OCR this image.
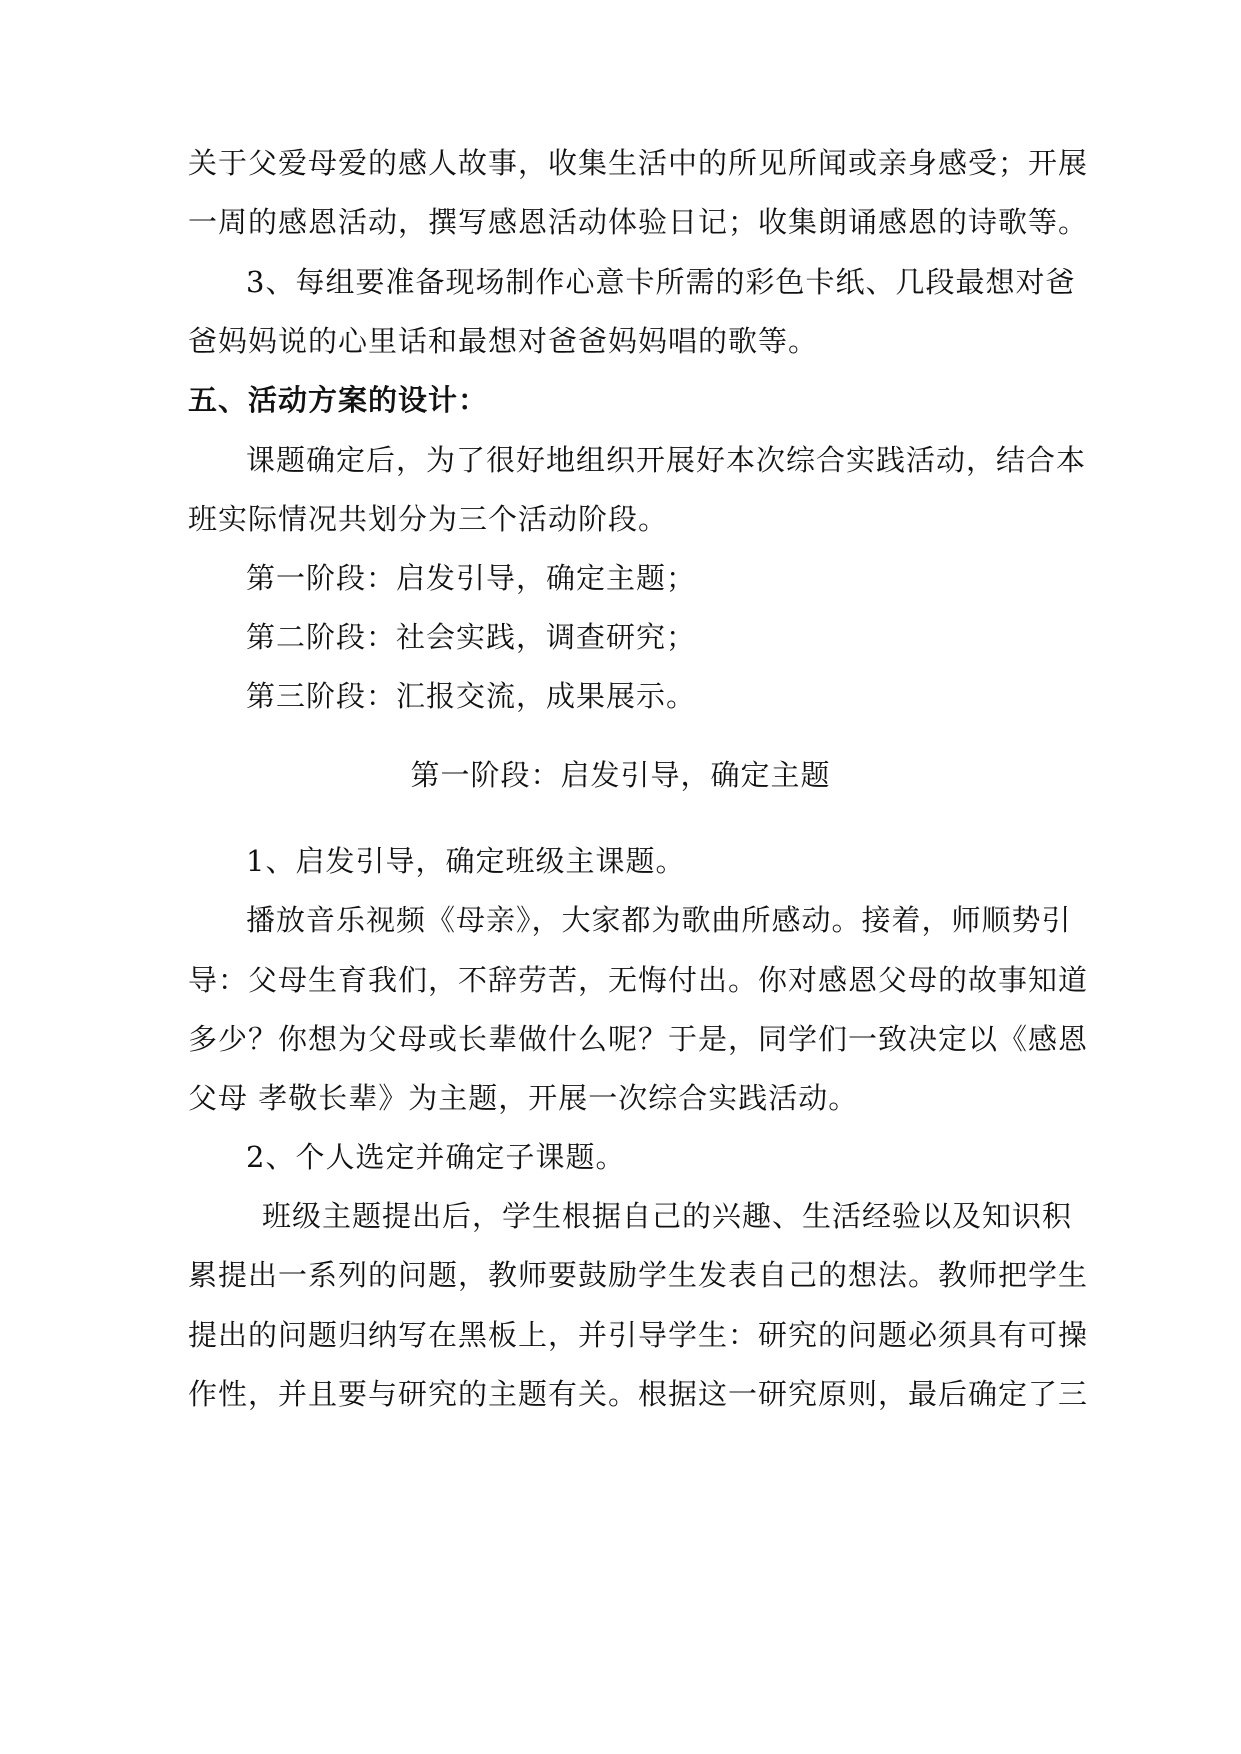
关于父爱母爱的感人故事，收集生活中的所见所闻或亲身感受；开展
一周的感恩活动，撰写感恩活动体验日记；收集朗诵感恩的诗歌等。
3、每组要准备现场制作心意卡所需的彩色卡纸、几段最想对爸
爸妈妈说的心里话和最想对爸爸妈妈唱的歌等。
五、活动方案的设计：
课题确定后，为了很好地组织开展好本次综合实践活动，结合本
班实际情况共划分为三个活动阶段。
第一阶段：启发引导，确定主题；
第二阶段：社会实践，调查研究；
第三阶段：汇报交流，成果展示。
第一阶段：启发引导，确定主题
1、启发引导，确定班级主课题。
播放音乐视频《母亲》，大家都为歌曲所感动。接着，师顺势引
导：父母生育我们，不辞劳苦，无悔付出。你对感恩父母的故事知道
多少？你想为父母或长辈做什么呢？于是，同学们一致决定以《感恩
父母 孝敬长辈》为主题，开展一次综合实践活动。
2、个人选定并确定子课题。
班级主题提出后，学生根据自己的兴趣、生活经验以及知识积
累提出一系列的问题，教师要鼓励学生发表自己的想法。教师把学生
提出的问题归纳写在黑板上，并引导学生：研究的问题必须具有可操
作性，并且要与研究的主题有关。根据这一研究原则，最后确定了三
